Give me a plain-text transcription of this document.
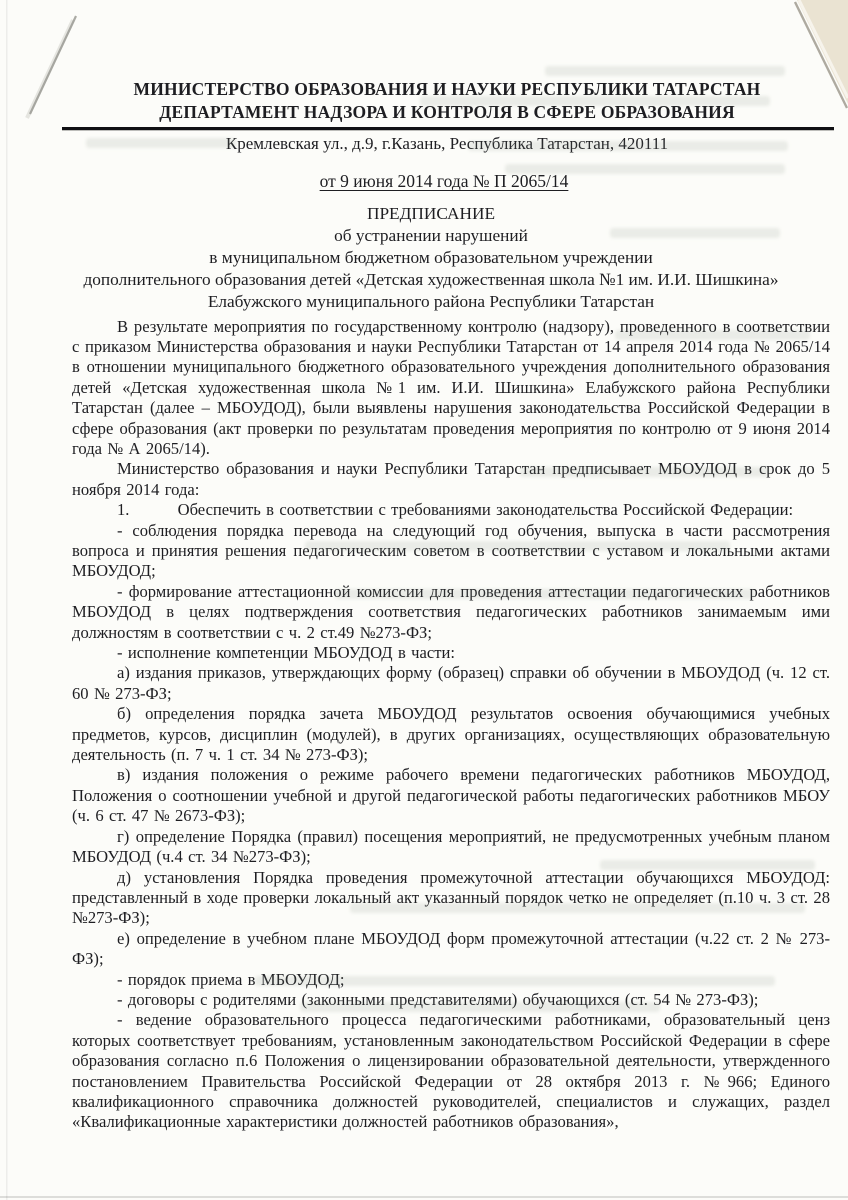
МИНИСТЕРСТВО ОБРАЗОВАНИЯ И НАУКИ РЕСПУБЛИКИ ТАТАРСТАН
ДЕПАРТАМЕНТ НАДЗОРА И КОНТРОЛЯ В СФЕРЕ ОБРАЗОВАНИЯ
Кремлевская ул., д.9, г.Казань, Республика Татарстан, 420111
от 9 июня 2014 года № П 2065/14
ПРЕДПИСАНИЕ
об устранении нарушений
в муниципальном бюджетном образовательном учреждении
дополнительного образования детей «Детская художественная школа №1 им. И.И. Шишкина»
Елабужского муниципального района Республики Татарстан

В результате мероприятия по государственному контролю (надзору), проведенного в соответствии с приказом Министерства образования и науки Республики Татарстан от 14 апреля 2014 года № 2065/14 в отношении муниципального бюджетного образовательного учреждения дополнительного образования детей «Детская художественная школа №1 им. И.И. Шишкина» Елабужского района Республики Татарстан (далее – МБОУДОД), были выявлены нарушения законодательства Российской Федерации в сфере образования (акт проверки по результатам проведения мероприятия по контролю от 9 июня 2014 года № А 2065/14).

Министерство образования и науки Республики Татарстан предписывает МБОУДОД в срок до 5 ноября 2014 года:

1.         Обеспечить в соответствии с требованиями законодательства Российской Федерации:

- соблюдения порядка перевода на следующий год обучения, выпуска в части рассмотрения вопроса и принятия решения педагогическим советом в соответствии с уставом и локальными актами МБОУДОД;

- формирование аттестационной комиссии для проведения аттестации педагогических работников МБОУДОД в целях подтверждения соответствия педагогических работников занимаемым ими должностям в соответствии с ч. 2 ст.49 №273-ФЗ;

- исполнение компетенции МБОУДОД в части:

а) издания приказов, утверждающих форму (образец) справки об обучении в МБОУДОД (ч. 12 ст. 60 № 273-ФЗ;

б) определения порядка зачета МБОУДОД результатов освоения обучающимися учебных предметов, курсов, дисциплин (модулей), в других организациях, осуществляющих образовательную деятельность (п. 7 ч. 1 ст. 34 № 273-ФЗ);

в) издания положения о режиме рабочего времени педагогических работников МБОУДОД, Положения о соотношении учебной и другой педагогической работы педагогических работников МБОУ (ч. 6 ст. 47 № 2673-ФЗ);

г) определение Порядка (правил) посещения мероприятий, не предусмотренных учебным планом МБОУДОД (ч.4 ст. 34 №273-ФЗ);

д) установления Порядка проведения промежуточной аттестации обучающихся МБОУДОД: представленный в ходе проверки локальный акт указанный порядок четко не определяет (п.10 ч. 3 ст. 28 №273-ФЗ);

е) определение в учебном плане МБОУДОД форм промежуточной аттестации (ч.22 ст. 2 № 273-ФЗ);

- порядок приема в МБОУДОД;

- договоры с родителями (законными представителями) обучающихся (ст. 54 № 273-ФЗ);

- ведение образовательного процесса педагогическими работниками, образовательный ценз которых соответствует требованиям, установленным законодательством Российской Федерации в сфере образования согласно п.6 Положения о лицензировании образовательной деятельности, утвержденного постановлением Правительства Российской Федерации от 28 октября 2013 г. №966; Единого квалификационного справочника должностей руководителей, специалистов и служащих, раздел «Квалификационные характеристики должностей работников образования»,
